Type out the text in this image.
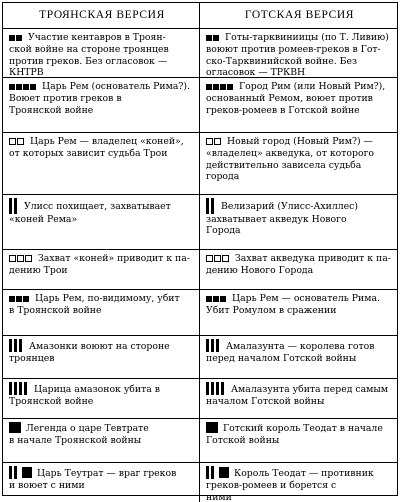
ТРОЯНСКАЯ ВЕРСИЯ	ГОТСКАЯ ВЕРСИЯ
Участие кентавров в Троян-
ской войне на стороне троянцев
против греков. Без огласовок —
КНТРВ
Готы-тарквиниицы (по Т. Ливию)
воюют против ромеев-греков в Гот-
ско-Тарквинийской войне. Без огласовок — ТРКВН
Царь Рем (основатель Рима?). Воюет против греков в
Троянской войне
Город Рим (или Новый Рим?),
основанный Ремом, воюет против
греков-ромеев в Готской войне
Царь Рем — владелец «коней»,
от которых зависит судьба Трои
Новый город (Новый Рим?) —
«владелец» акведука, от которого
действительно зависела судьба
города
Улисс похищает, захватывает
«коней Рема»
Велизарий (Улисс-Ахиллес)
захватывает акведук Нового
Города
Захват «коней» приводит к па-
дению Трои
Захват акведука приводит к па-
дению Нового Города
Царь Рем, по-видимому, убит
в Троянской войне
Царь Рем — основатель Рима.
Убит Ромулом в сражении
Амазонки воюют на стороне
троянцев
Амалазунта — королева готов
перед началом Готской войны
Царица амазонок убита в
Троянской войне
Амалазунта убита перед самым
началом Готской войны
Легенда о царе Тевтрате
в начале Троянской войны
Готский король Теодат в начале
Готской войны
Царь Теутрат — враг греков
и воюет с ними
Король Теодат — противник
греков-ромеев и борется с
ними
